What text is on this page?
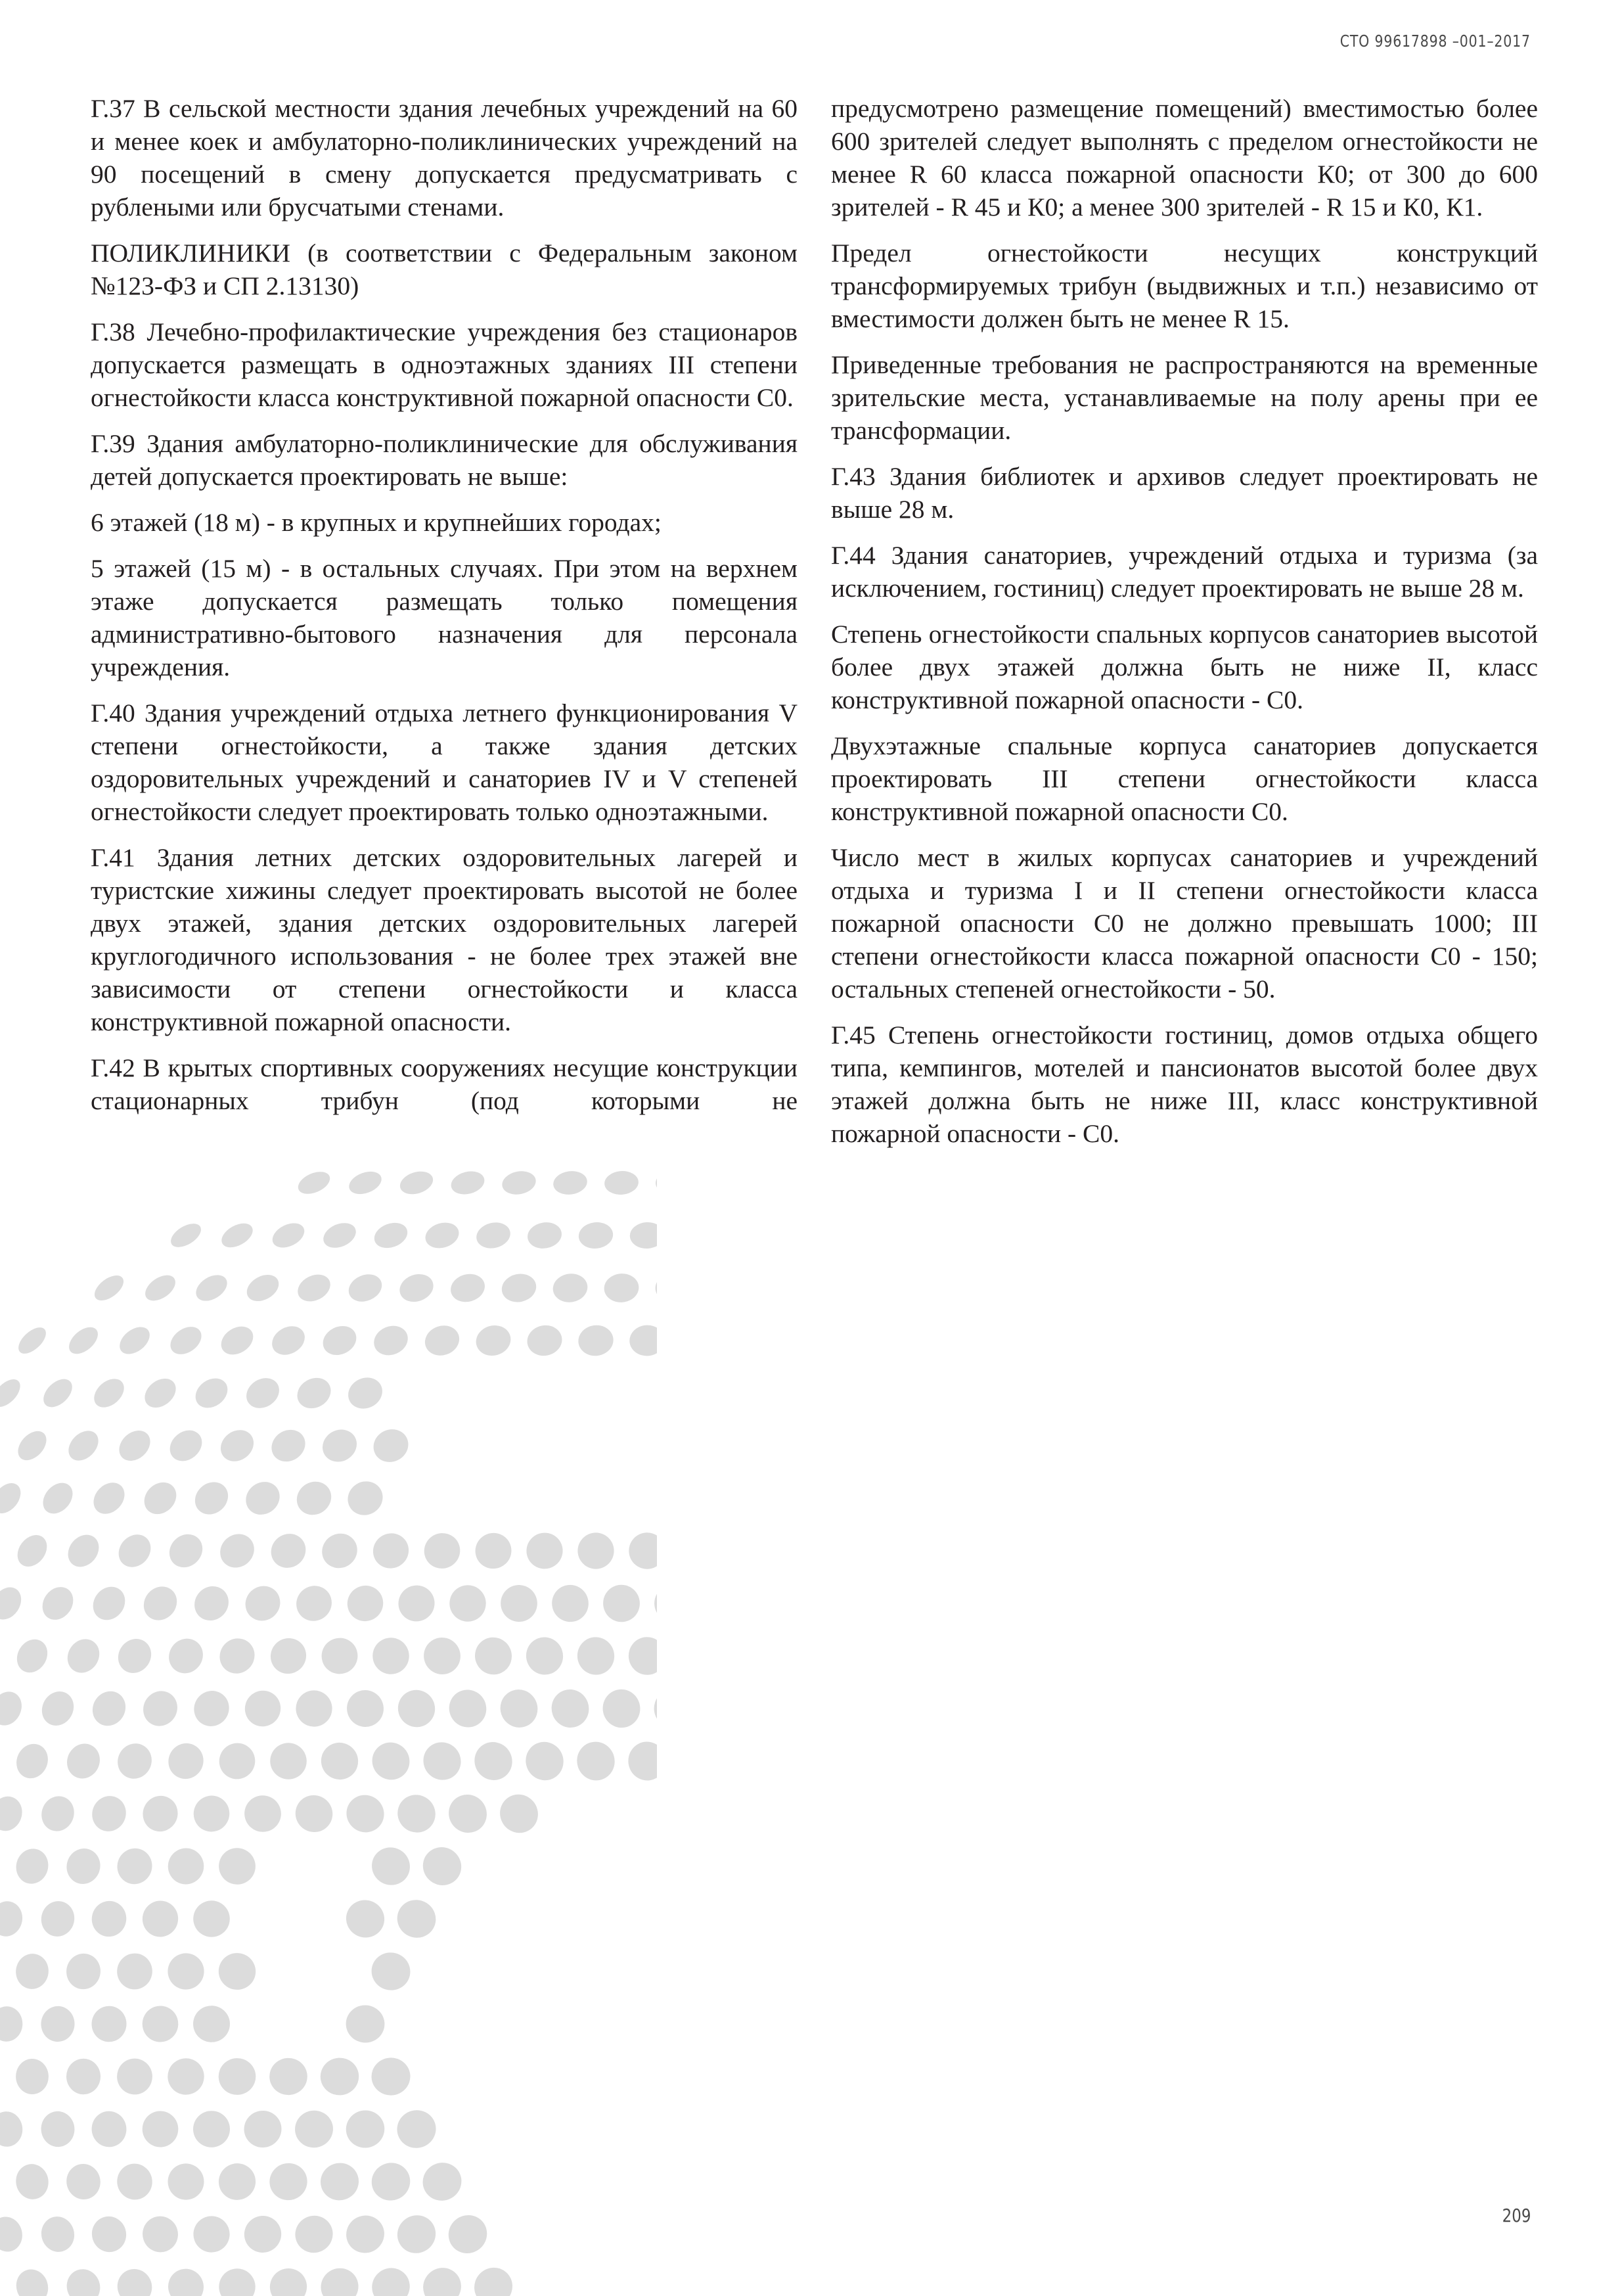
СТО 99617898 –001–2017

Г.37 В сельской местности здания лечебных учреждений на 60 и менее коек и амбулаторно-поликлинических учреждений на 90 посещений в смену допускается предусматривать с рублеными или брусчатыми стенами.

ПОЛИКЛИНИКИ (в соответствии с Федеральным законом №123-ФЗ и СП 2.13130)

Г.38 Лечебно-профилактические учреждения без стационаров допускается размещать в одноэтажных зданиях III степени огнестойкости класса конструктивной пожарной опасности С0.

Г.39 Здания амбулаторно-поликлинические для обслуживания детей допускается проектировать не выше:

6 этажей (18 м) - в крупных и крупнейших городах;

5 этажей (15 м) - в остальных случаях. При этом на верхнем этаже допускается размещать только помещения административно-бытового назначения для персонала учреждения.

Г.40 Здания учреждений отдыха летнего функционирования V степени огнестойкости, а также здания детских оздоровительных учреждений и санаториев IV и V степеней огнестойкости следует проектировать только одноэтажными.

Г.41 Здания летних детских оздоровительных лагерей и туристские хижины следует проектировать высотой не более двух этажей, здания детских оздоровительных лагерей круглогодичного использования - не более трех этажей вне зависимости от степени огнестойкости и класса конструктивной пожарной опасности.

Г.42 В крытых спортивных сооружениях несущие конструкции стационарных трибун (под которыми не

предусмотрено размещение помещений) вместимостью более 600 зрителей следует выполнять с пределом огнестойкости не менее R 60 класса пожарной опасности К0; от 300 до 600 зрителей - R 45 и К0; а менее 300 зрителей - R 15 и К0, К1.

Предел огнестойкости несущих конструкций трансформируемых трибун (выдвижных и т.п.) независимо от вместимости должен быть не менее R 15.

Приведенные требования не распространяются на временные зрительские места, устанавливаемые на полу арены при ее трансформации.

Г.43 Здания библиотек и архивов следует проектировать не выше 28 м.

Г.44 Здания санаториев, учреждений отдыха и туризма (за исключением, гостиниц) следует проектировать не выше 28 м.

Степень огнестойкости спальных корпусов санаториев высотой более двух этажей должна быть не ниже II, класс конструктивной пожарной опасности - С0.

Двухэтажные спальные корпуса санаториев допускается проектировать III степени огнестойкости класса конструктивной пожарной опасности С0.

Число мест в жилых корпусах санаториев и учреждений отдыха и туризма I и II степени огнестойкости класса пожарной опасности С0 не должно превышать 1000; III степени огнестойкости класса пожарной опасности С0 - 150; остальных степеней огнестойкости - 50.

Г.45 Степень огнестойкости гостиниц, домов отдыха общего типа, кемпингов, мотелей и пансионатов высотой более двух этажей должна быть не ниже III, класс конструктивной пожарной опасности - С0.

209
